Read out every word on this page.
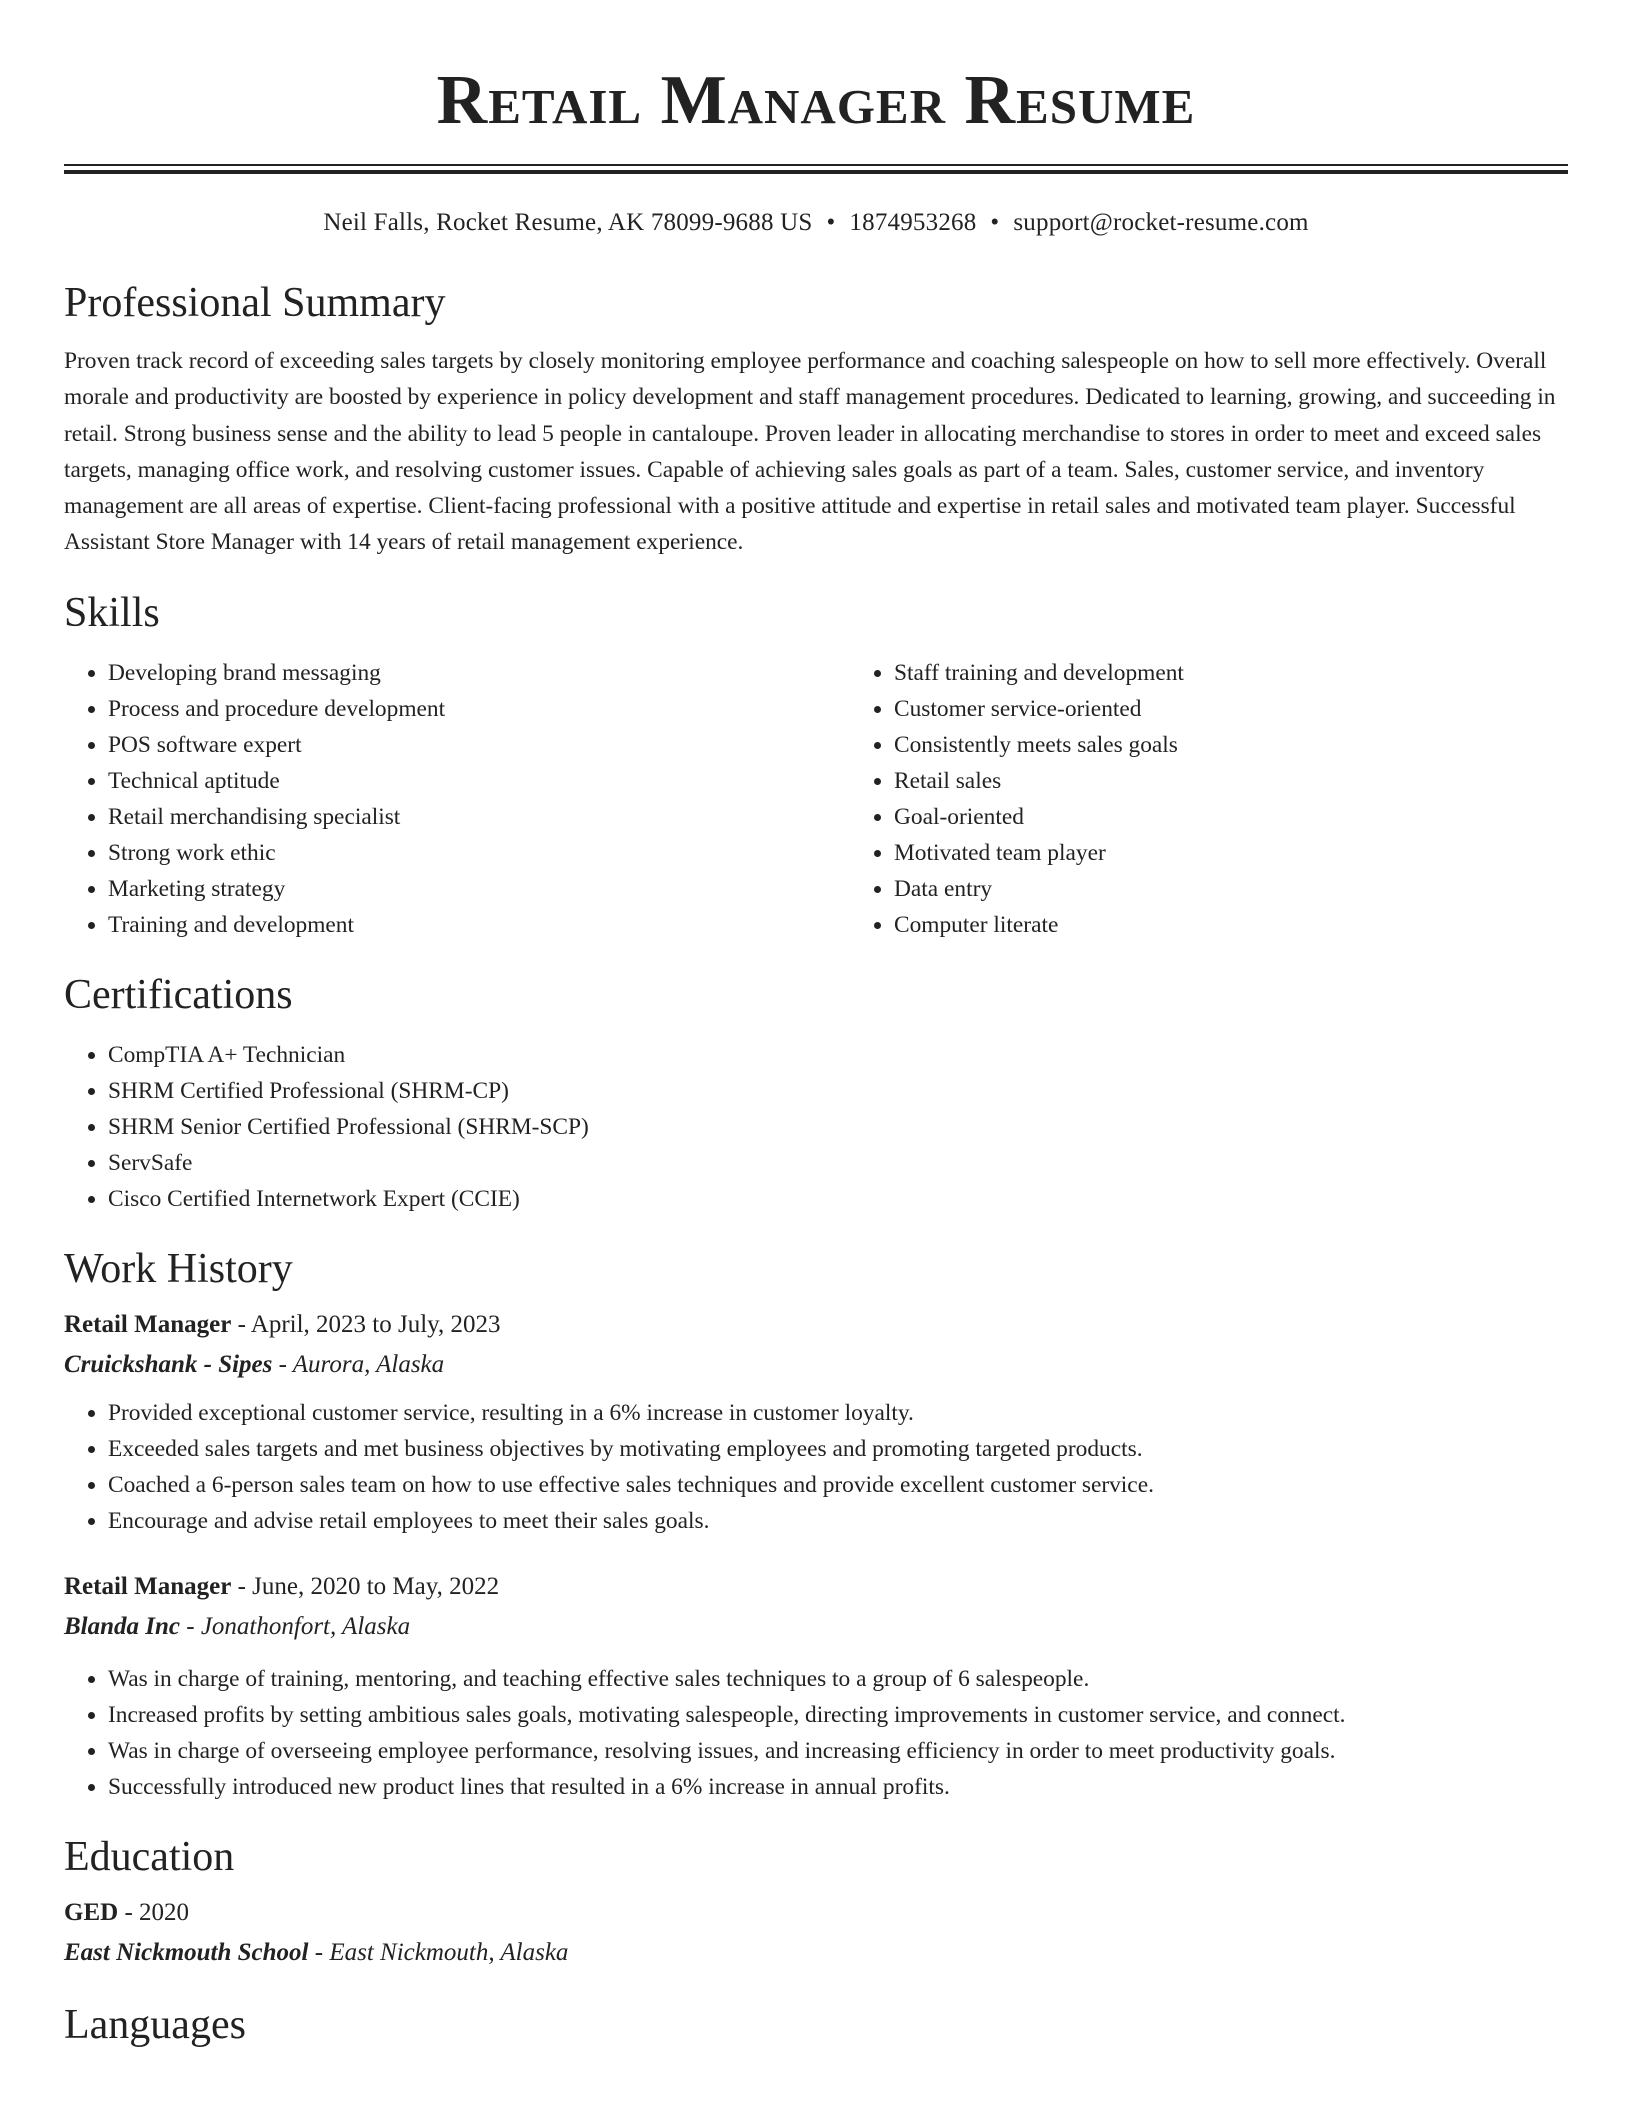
Retail Manager Resume
Neil Falls, Rocket Resume, AK 78099-9688 US • 1874953268 • support@rocket-resume.com
Professional Summary

Proven track record of exceeding sales targets by closely monitoring employee performance and coaching salespeople on how to sell more effectively. Overall morale and productivity are boosted by experience in policy development and staff management procedures. Dedicated to learning, growing, and succeeding in retail. Strong business sense and the ability to lead 5 people in cantaloupe. Proven leader in allocating merchandise to stores in order to meet and exceed sales targets, managing office work, and resolving customer issues. Capable of achieving sales goals as part of a team. Sales, customer service, and inventory management are all areas of expertise. Client-facing professional with a positive attitude and expertise in retail sales and motivated team player. Successful Assistant Store Manager with 14 years of retail management experience.

Skills
• Developing brand messaging
• Process and procedure development
• POS software expert
• Technical aptitude
• Retail merchandising specialist
• Strong work ethic
• Marketing strategy
• Training and development
• Staff training and development
• Customer service-oriented
• Consistently meets sales goals
• Retail sales
• Goal-oriented
• Motivated team player
• Data entry
• Computer literate
Certifications
• CompTIA A+ Technician
• SHRM Certified Professional (SHRM-CP)
• SHRM Senior Certified Professional (SHRM-SCP)
• ServSafe
• Cisco Certified Internetwork Expert (CCIE)
Work History
Retail Manager - April, 2023 to July, 2023
Cruickshank - Sipes - Aurora, Alaska
• Provided exceptional customer service, resulting in a 6% increase in customer loyalty.
• Exceeded sales targets and met business objectives by motivating employees and promoting targeted products.
• Coached a 6-person sales team on how to use effective sales techniques and provide excellent customer service.
• Encourage and advise retail employees to meet their sales goals.
Retail Manager - June, 2020 to May, 2022
Blanda Inc - Jonathonfort, Alaska
• Was in charge of training, mentoring, and teaching effective sales techniques to a group of 6 salespeople.
• Increased profits by setting ambitious sales goals, motivating salespeople, directing improvements in customer service, and connect.
• Was in charge of overseeing employee performance, resolving issues, and increasing efficiency in order to meet productivity goals.
• Successfully introduced new product lines that resulted in a 6% increase in annual profits.
Education
GED - 2020
East Nickmouth School - East Nickmouth, Alaska
Languages
